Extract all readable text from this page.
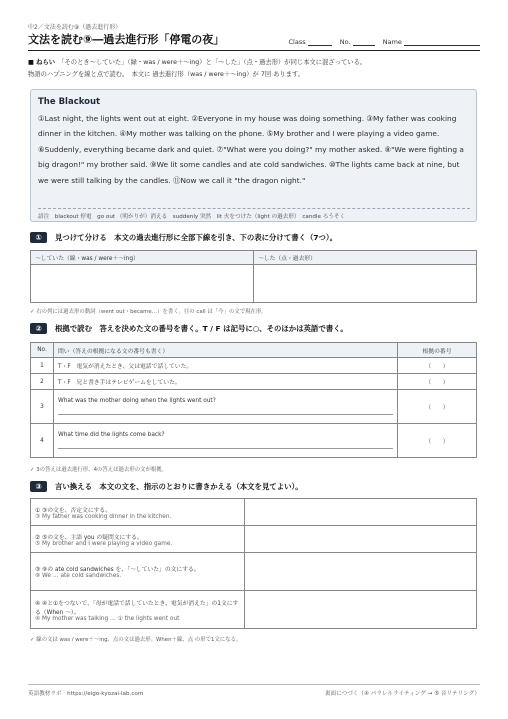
中2／文法を読む⑨（過去進行形）
文法を読む⑨―過去進行形「停電の夜」	Class	No.	Name
■ ねらい　 「そのとき～していた」（緑・was / were＋～ing）と「～した」（点・過去形）が同じ本文に混ざっている。
物語のハプニングを線と点で読む。　本文に 過去進行形（was / were＋～ing）が 7回 あります。
The Blackout
①Last night, the lights went out at eight. ②Everyone in my house was doing something. ③My father was cooking dinner in the kitchen. ④My mother was talking on the phone. ⑤My brother and I were playing a video game. ⑥Suddenly, everything became dark and quiet. ⑦"What were you doing?" my mother asked. ⑧"We were fighting a big dragon!" my brother said. ⑨We lit some candles and ate cold sandwiches. ⑩The lights came back at nine, but we were still talking by the candles. ⑪Now we call it "the dragon night."
語注　blackout 停電　go out （明かりが）消える　suddenly 突然　lit 火をつけた（light の過去形）　candle ろうそく
① 見つけて分ける　本文の過去進行形に全部下線を引き、下の表に分けて書く（7つ）。
～していた（線・was / were＋～ing）	～した（点・過去形）

✓ 右の列には過去形の動詞（went out・became…）を書く。⑪の call は「今」の文で現在形。
② 根拠で読む　答えを決めた文の番号を書く。T / F は記号に○、そのほかは英語で書く。
No.	問い（答えの根拠になる文の番号も書く）	根拠の番号
1	T・F　電気が消えたとき、父は電話で話していた。	（　　）
2	T・F　兄と書き手はテレビゲームをしていた。	（　　）
3	What was the mother doing when the lights went out?	（　　）
4	What time did the lights come back?	（　　）
✓ 3の答えは過去進行形、4の答えは過去形の文が根拠。
③ 言い換える　本文の文を、指示のとおりに書きかえる（本文を見てよい）。
① ③の文を、否定文にする。
③ My father was cooking dinner in the kitchen.	

② ⑤の文を、主語 you の疑問文にする。
⑤ My brother and I were playing a video game.	

③ ⑨の ate cold sandwiches を、「～していた」の文にする。
⑨ We … ate cold sandwiches.	

④ ④と①をつないで、「母が電話で話していたとき、電気が消えた」の1文にする（When ～）。
④ My mother was talking … ① the lights went out	

✓ 線の文は was / were＋～ing、点の文は過去形。When＋線、点 の形で1文になる。
英語教材ラボ　https://eigo-kyozai-lab.com	裏面につづく（④ パラレルライティング → ⑤ 音リテリング）
